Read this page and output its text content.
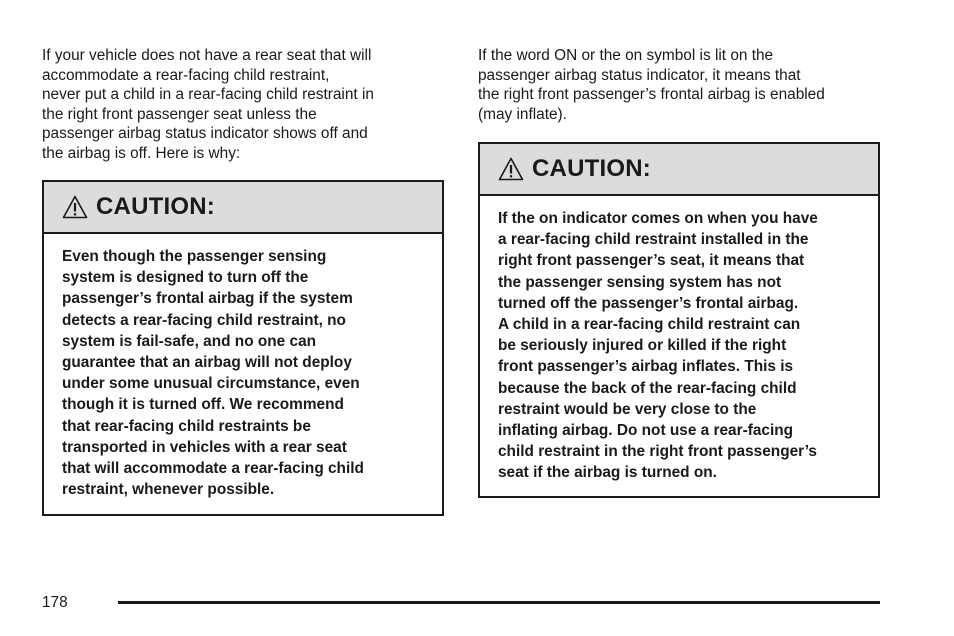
If your vehicle does not have a rear seat that will

accommodate a rear-facing child restraint,

never put a child in a rear-facing child restraint in

the right front passenger seat unless the

passenger airbag status indicator shows off and

the airbag is off. Here is why:

CAUTION:

Even though the passenger sensing

system is designed to turn off the

passenger’s frontal airbag if the system

detects a rear-facing child restraint, no

system is fail-safe, and no one can

guarantee that an airbag will not deploy

under some unusual circumstance, even

though it is turned off. We recommend

that rear-facing child restraints be

transported in vehicles with a rear seat

that will accommodate a rear-facing child

restraint, whenever possible.

If the word ON or the on symbol is lit on the

passenger airbag status indicator, it means that

the right front passenger’s frontal airbag is enabled

(may inflate).

CAUTION:

If the on indicator comes on when you have

a rear-facing child restraint installed in the

right front passenger’s seat, it means that

the passenger sensing system has not

turned off the passenger’s frontal airbag.

A child in a rear-facing child restraint can

be seriously injured or killed if the right

front passenger’s airbag inflates. This is

because the back of the rear-facing child

restraint would be very close to the

inflating airbag. Do not use a rear-facing

child restraint in the right front passenger’s

seat if the airbag is turned on.

178
